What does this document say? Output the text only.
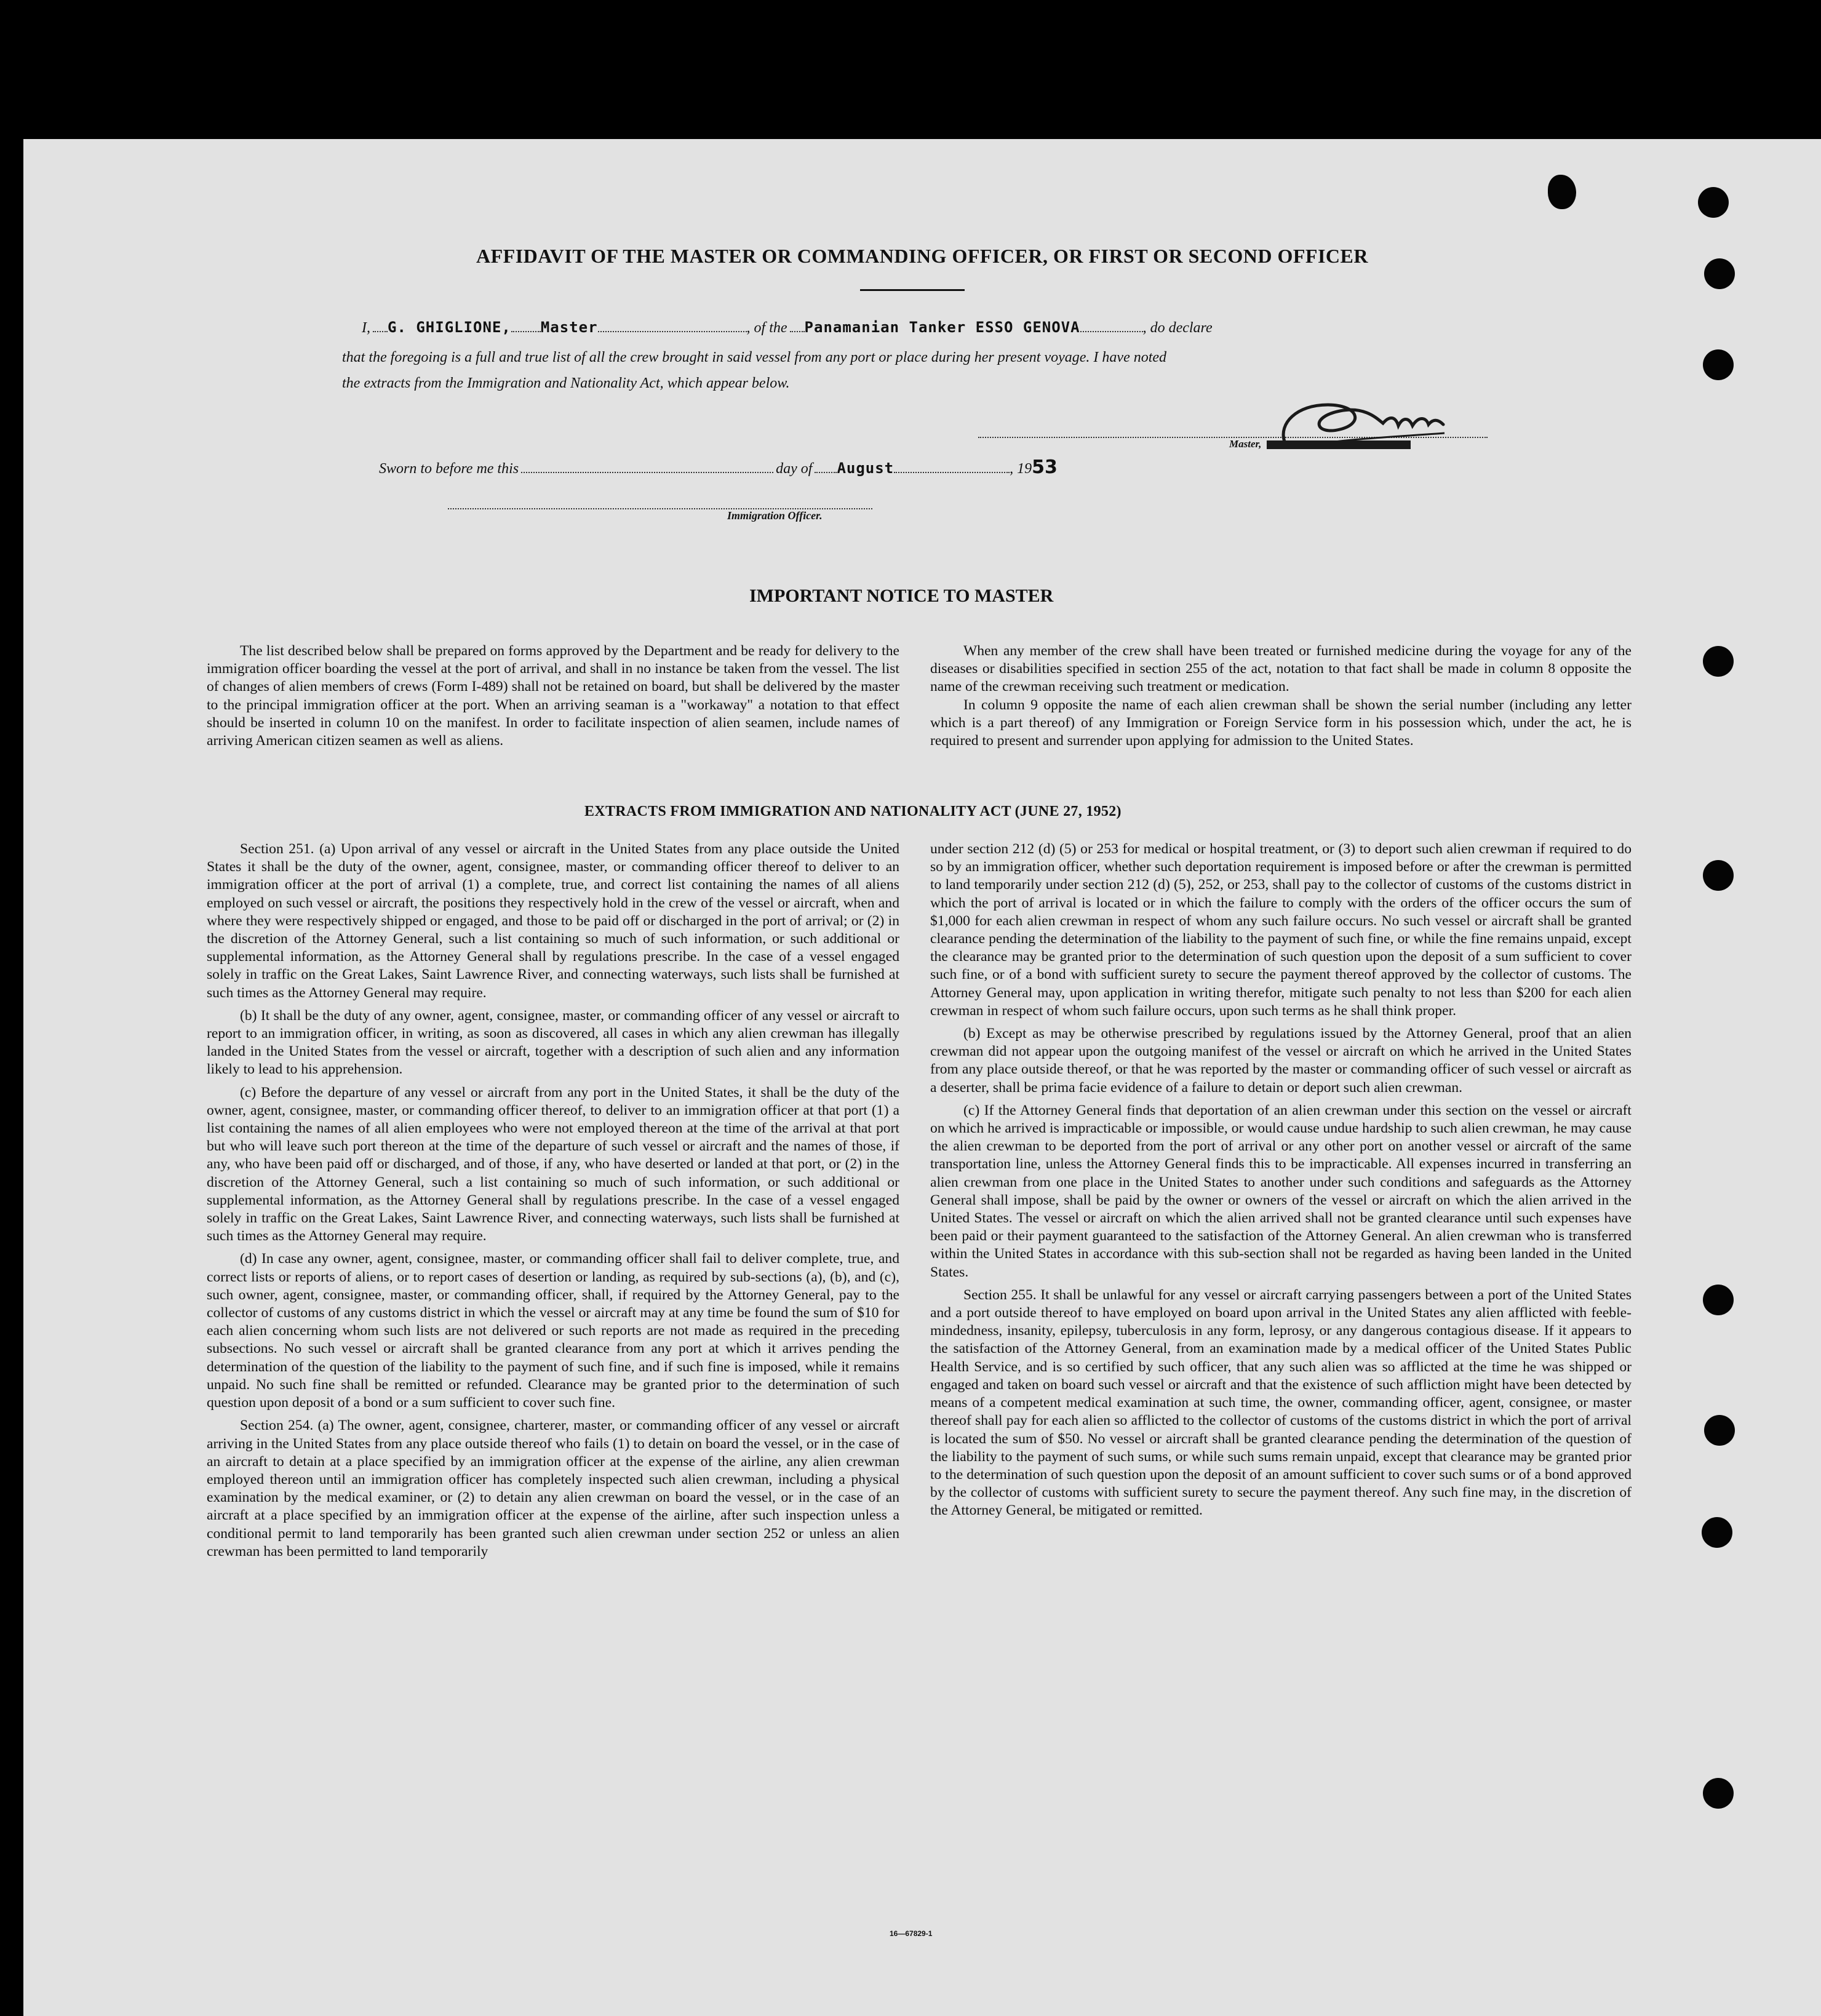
AFFIDAVIT OF THE MASTER OR COMMANDING OFFICER, OR FIRST OR SECOND OFFICER
I, G. GHIGLIONE, Master	, of the Panamanian Tanker ESSO GENOVA	, do declare
that the foregoing is a full and true list of all the crew brought in said vessel from any port or place during her present voyage. I have noted
the extracts from the Immigration and Nationality Act, which appear below.
Master,
Sworn to before me this	day of August	, 1953
Immigration Officer.
IMPORTANT NOTICE TO MASTER

The list described below shall be prepared on forms approved by the Department and be ready for delivery to the immigration officer boarding the vessel at the port of arrival, and shall in no instance be taken from the vessel. The list of changes of alien members of crews (Form I-489) shall not be retained on board, but shall be delivered by the master to the principal immigration officer at the port. When an arriving seaman is a "workaway" a notation to that effect should be inserted in column 10 on the manifest. In order to facilitate inspection of alien seamen, include names of arriving American citizen seamen as well as aliens.

When any member of the crew shall have been treated or furnished medicine during the voyage for any of the diseases or disabilities specified in section 255 of the act, notation to that fact shall be made in column 8 opposite the name of the crewman receiving such treatment or medication.

In column 9 opposite the name of each alien crewman shall be shown the serial number (including any letter which is a part thereof) of any Immigration or Foreign Service form in his possession which, under the act, he is required to present and surrender upon applying for admission to the United States.

EXTRACTS FROM IMMIGRATION AND NATIONALITY ACT (JUNE 27, 1952)

Section 251. (a) Upon arrival of any vessel or aircraft in the United States from any place outside the United States it shall be the duty of the owner, agent, consignee, master, or commanding officer thereof to deliver to an immigration officer at the port of arrival (1) a complete, true, and correct list containing the names of all aliens employed on such vessel or aircraft, the positions they respectively hold in the crew of the vessel or aircraft, when and where they were respectively shipped or engaged, and those to be paid off or discharged in the port of arrival; or (2) in the discretion of the Attorney General, such a list containing so much of such information, or such additional or supplemental information, as the Attorney General shall by regulations prescribe. In the case of a vessel engaged solely in traffic on the Great Lakes, Saint Lawrence River, and connecting waterways, such lists shall be furnished at such times as the Attorney General may require.

(b) It shall be the duty of any owner, agent, consignee, master, or commanding officer of any vessel or aircraft to report to an immigration officer, in writing, as soon as discovered, all cases in which any alien crewman has illegally landed in the United States from the vessel or aircraft, together with a description of such alien and any information likely to lead to his apprehension.

(c) Before the departure of any vessel or aircraft from any port in the United States, it shall be the duty of the owner, agent, consignee, master, or commanding officer thereof, to deliver to an immigration officer at that port (1) a list containing the names of all alien employees who were not employed thereon at the time of the arrival at that port but who will leave such port thereon at the time of the departure of such vessel or aircraft and the names of those, if any, who have been paid off or discharged, and of those, if any, who have deserted or landed at that port, or (2) in the discretion of the Attorney General, such a list containing so much of such information, or such additional or supplemental information, as the Attorney General shall by regulations prescribe. In the case of a vessel engaged solely in traffic on the Great Lakes, Saint Lawrence River, and connecting waterways, such lists shall be furnished at such times as the Attorney General may require.

(d) In case any owner, agent, consignee, master, or commanding officer shall fail to deliver complete, true, and correct lists or reports of aliens, or to report cases of desertion or landing, as required by sub-sections (a), (b), and (c), such owner, agent, consignee, master, or commanding officer, shall, if required by the Attorney General, pay to the collector of customs of any customs district in which the vessel or aircraft may at any time be found the sum of $10 for each alien concerning whom such lists are not delivered or such reports are not made as required in the preceding subsections. No such vessel or aircraft shall be granted clearance from any port at which it arrives pending the determination of the question of the liability to the payment of such fine, and if such fine is imposed, while it remains unpaid. No such fine shall be remitted or refunded. Clearance may be granted prior to the determination of such question upon deposit of a bond or a sum sufficient to cover such fine.

Section 254. (a) The owner, agent, consignee, charterer, master, or commanding officer of any vessel or aircraft arriving in the United States from any place outside thereof who fails (1) to detain on board the vessel, or in the case of an aircraft to detain at a place specified by an immigration officer at the expense of the airline, any alien crewman employed thereon until an immigration officer has completely inspected such alien crewman, including a physical examination by the medical examiner, or (2) to detain any alien crewman on board the vessel, or in the case of an aircraft at a place specified by an immigration officer at the expense of the airline, after such inspection unless a conditional permit to land temporarily has been granted such alien crewman under section 252 or unless an alien crewman has been permitted to land temporarily

under section 212 (d) (5) or 253 for medical or hospital treatment, or (3) to deport such alien crewman if required to do so by an immigration officer, whether such deportation requirement is imposed before or after the crewman is permitted to land temporarily under section 212 (d) (5), 252, or 253, shall pay to the collector of customs of the customs district in which the port of arrival is located or in which the failure to comply with the orders of the officer occurs the sum of $1,000 for each alien crewman in respect of whom any such failure occurs. No such vessel or aircraft shall be granted clearance pending the determination of the liability to the payment of such fine, or while the fine remains unpaid, except the clearance may be granted prior to the determination of such question upon the deposit of a sum sufficient to cover such fine, or of a bond with sufficient surety to secure the payment thereof approved by the collector of customs. The Attorney General may, upon application in writing therefor, mitigate such penalty to not less than $200 for each alien crewman in respect of whom such failure occurs, upon such terms as he shall think proper.

(b) Except as may be otherwise prescribed by regulations issued by the Attorney General, proof that an alien crewman did not appear upon the outgoing manifest of the vessel or aircraft on which he arrived in the United States from any place outside thereof, or that he was reported by the master or commanding officer of such vessel or aircraft as a deserter, shall be prima facie evidence of a failure to detain or deport such alien crewman.

(c) If the Attorney General finds that deportation of an alien crewman under this section on the vessel or aircraft on which he arrived is impracticable or impossible, or would cause undue hardship to such alien crewman, he may cause the alien crewman to be deported from the port of arrival or any other port on another vessel or aircraft of the same transportation line, unless the Attorney General finds this to be impracticable. All expenses incurred in transferring an alien crewman from one place in the United States to another under such conditions and safeguards as the Attorney General shall impose, shall be paid by the owner or owners of the vessel or aircraft on which the alien arrived in the United States. The vessel or aircraft on which the alien arrived shall not be granted clearance until such expenses have been paid or their payment guaranteed to the satisfaction of the Attorney General. An alien crewman who is transferred within the United States in accordance with this sub-section shall not be regarded as having been landed in the United States.

Section 255. It shall be unlawful for any vessel or aircraft carrying passengers between a port of the United States and a port outside thereof to have employed on board upon arrival in the United States any alien afflicted with feeble-mindedness, insanity, epilepsy, tuberculosis in any form, leprosy, or any dangerous contagious disease. If it appears to the satisfaction of the Attorney General, from an examination made by a medical officer of the United States Public Health Service, and is so certified by such officer, that any such alien was so afflicted at the time he was shipped or engaged and taken on board such vessel or aircraft and that the existence of such affliction might have been detected by means of a competent medical examination at such time, the owner, commanding officer, agent, consignee, or master thereof shall pay for each alien so afflicted to the collector of customs of the customs district in which the port of arrival is located the sum of $50. No vessel or aircraft shall be granted clearance pending the determination of the question of the liability to the payment of such sums, or while such sums remain unpaid, except that clearance may be granted prior to the determination of such question upon the deposit of an amount sufficient to cover such sums or of a bond approved by the collector of customs with sufficient surety to secure the payment thereof. Any such fine may, in the discretion of the Attorney General, be mitigated or remitted.

16—67829-1
